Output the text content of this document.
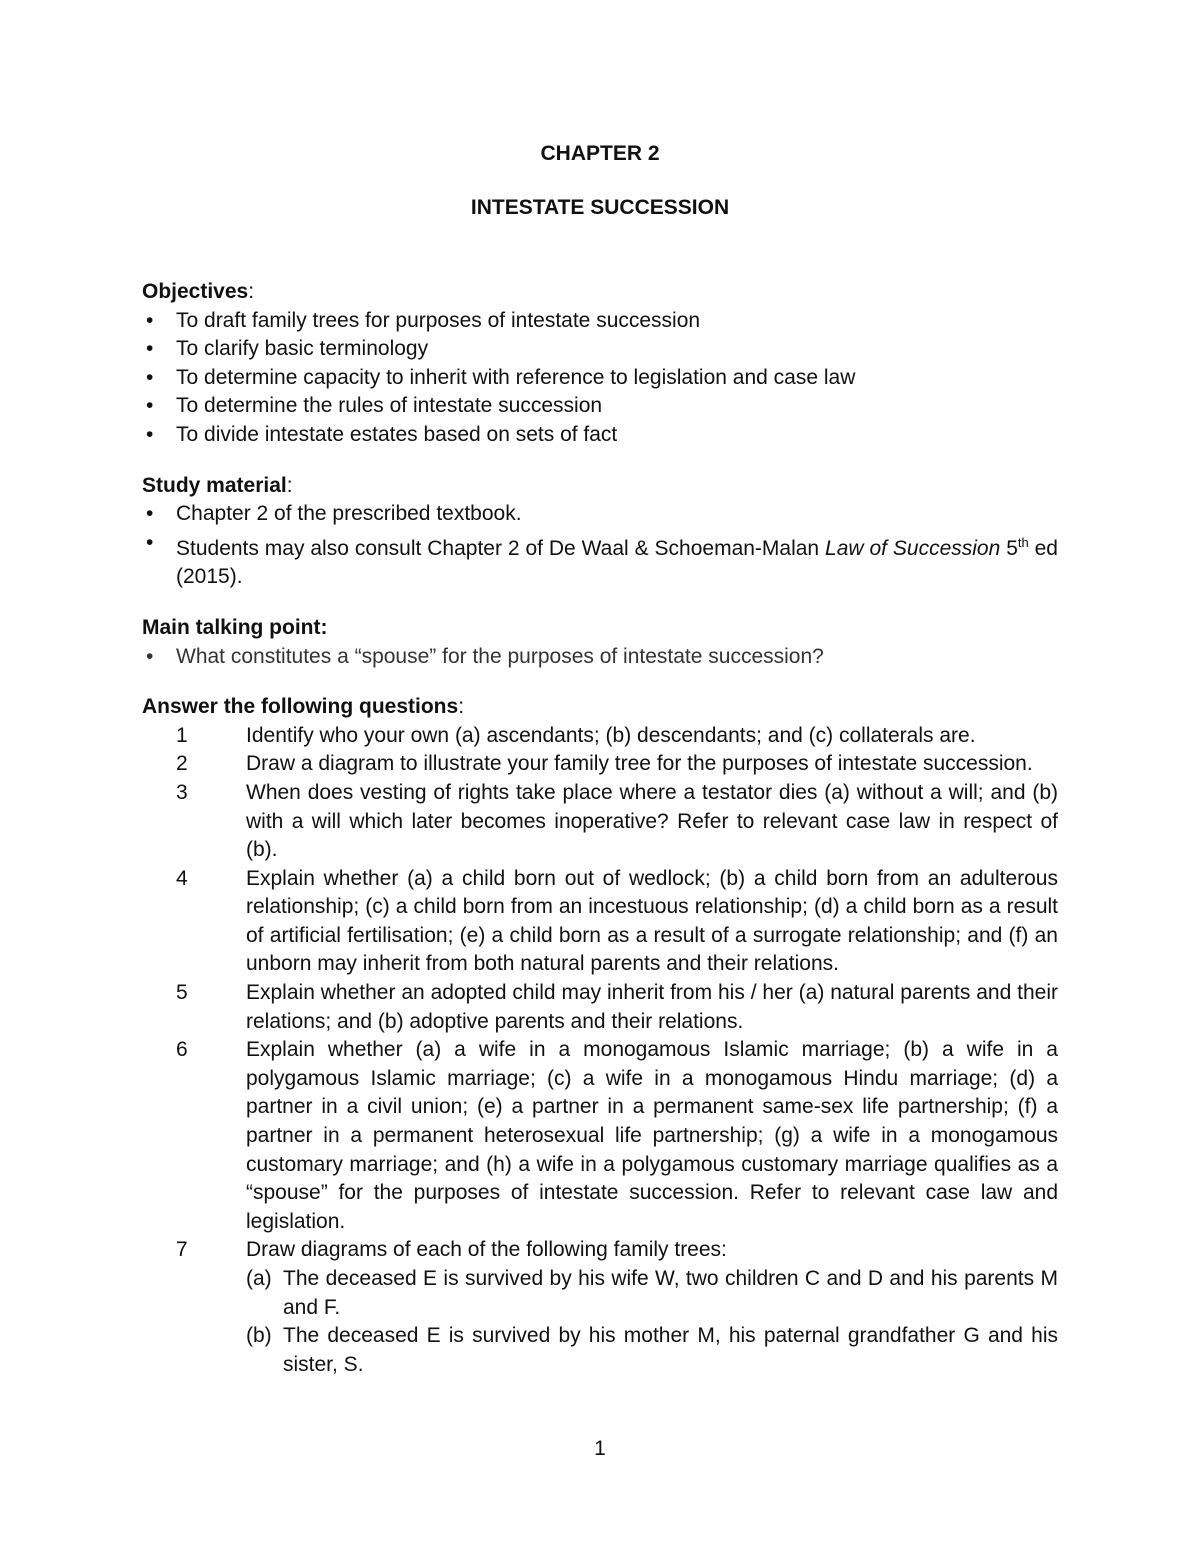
CHAPTER 2
INTESTATE SUCCESSION

Objectives:

• To draft family trees for purposes of intestate succession
• To clarify basic terminology
• To determine capacity to inherit with reference to legislation and case law
• To determine the rules of intestate succession
• To divide intestate estates based on sets of fact

Study material:

• Chapter 2 of the prescribed textbook.
• Students may also consult Chapter 2 of De Waal & Schoeman-Malan Law of Succession 5th ed (2015).

Main talking point:

• What constitutes a “spouse” for the purposes of intestate succession?

Answer the following questions:

1	Identify who your own (a) ascendants; (b) descendants; and (c) collaterals are.
2	Draw a diagram to illustrate your family tree for the purposes of intestate succession.
3	When does vesting of rights take place where a testator dies (a) without a will; and (b) with a will which later becomes inoperative? Refer to relevant case law in respect of (b).
4	Explain whether (a) a child born out of wedlock; (b) a child born from an adulterous relationship; (c) a child born from an incestuous relationship; (d) a child born as a result of artificial fertilisation; (e) a child born as a result of a surrogate relationship; and (f) an unborn may inherit from both natural parents and their relations.
5	Explain whether an adopted child may inherit from his / her (a) natural parents and their relations; and (b) adoptive parents and their relations.
6	Explain whether (a) a wife in a monogamous Islamic marriage; (b) a wife in a polygamous Islamic marriage; (c) a wife in a monogamous Hindu marriage; (d) a partner in a civil union; (e) a partner in a permanent same-sex life partnership; (f) a partner in a permanent heterosexual life partnership; (g) a wife in a monogamous customary marriage; and (h) a wife in a polygamous customary marriage qualifies as a “spouse” for the purposes of intestate succession. Refer to relevant case law and legislation.
7	Draw diagrams of each of the following family trees:
(a) The deceased E is survived by his wife W, two children C and D and his parents M and F.
(b) The deceased E is survived by his mother M, his paternal grandfather G and his sister, S.
1
